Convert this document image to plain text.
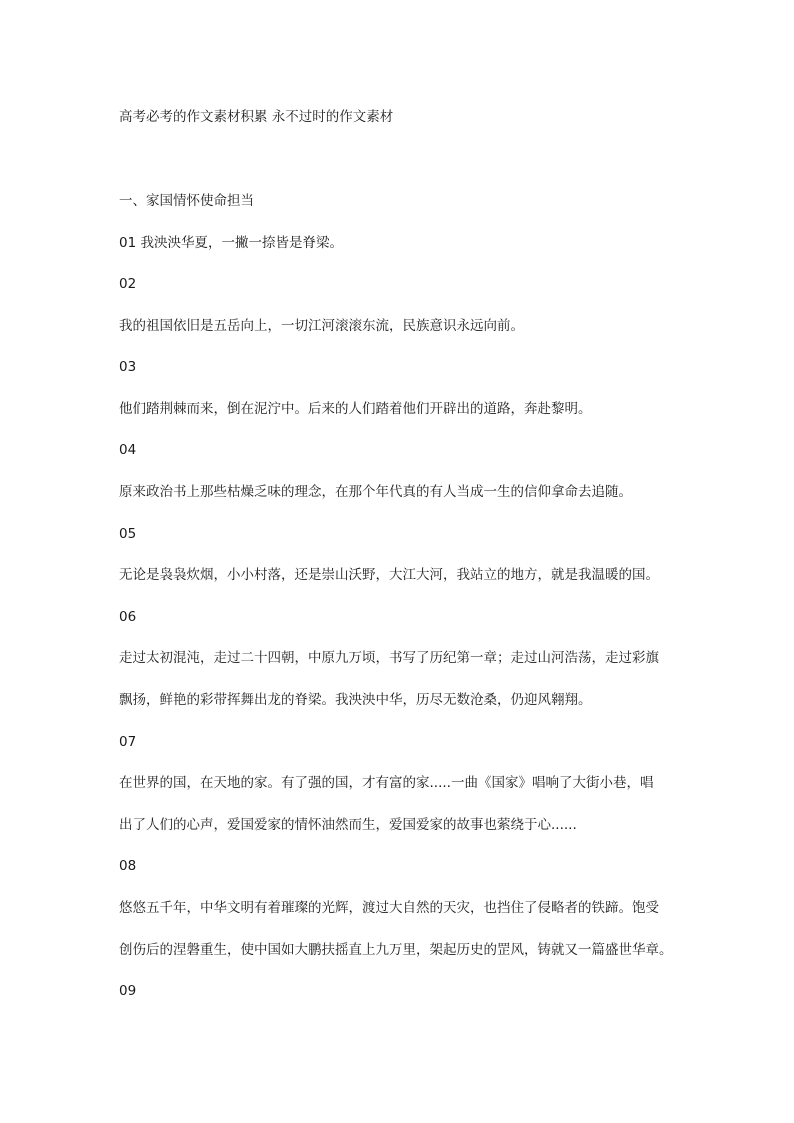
高考必考的作文素材积累 永不过时的作文素材

一、家国情怀使命担当

01 我泱泱华夏，一撇一捺皆是脊梁。

02

我的祖国依旧是五岳向上，一切江河滚滚东流，民族意识永远向前。

03

他们踏荆棘而来，倒在泥泞中。后来的人们踏着他们开辟出的道路，奔赴黎明。

04

原来政治书上那些枯燥乏味的理念，在那个年代真的有人当成一生的信仰拿命去追随。

05

无论是袅袅炊烟，小小村落，还是崇山沃野，大江大河，我站立的地方，就是我温暖的国。

06

走过太初混沌，走过二十四朝，中原九万顷，书写了历纪第一章；走过山河浩荡，走过彩旗

飘扬，鲜艳的彩带挥舞出龙的脊梁。我泱泱中华，历尽无数沧桑，仍迎风翱翔。

07

在世界的国，在天地的家。有了强的国，才有富的家.....一曲《国家》唱响了大街小巷，唱

出了人们的心声，爱国爱家的情怀油然而生，爱国爱家的故事也萦绕于心......

08

悠悠五千年，中华文明有着璀璨的光辉，渡过大自然的天灾，也挡住了侵略者的铁蹄。饱受

创伤后的涅磐重生，使中国如大鹏扶摇直上九万里，架起历史的罡风，铸就又一篇盛世华章。

09
